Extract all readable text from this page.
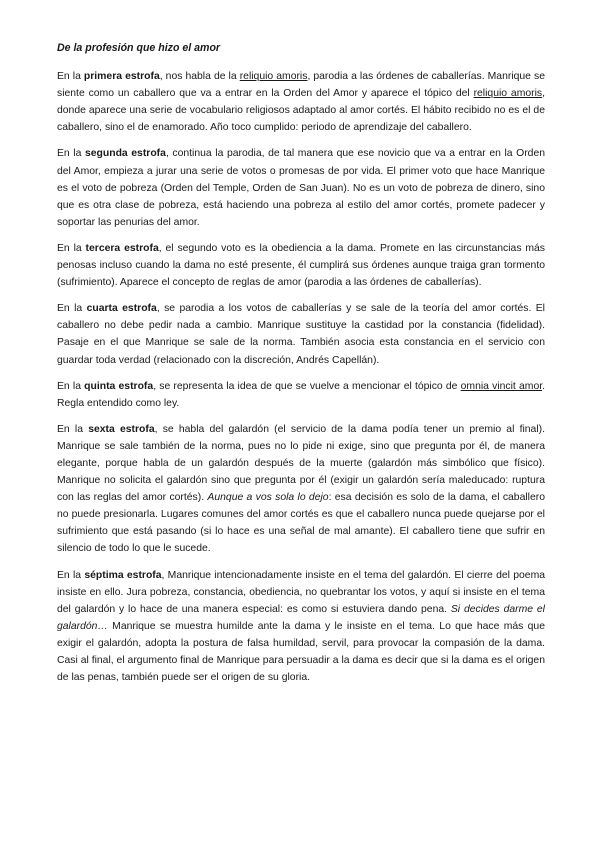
De la profesión que hizo el amor

En la primera estrofa, nos habla de la reliquio amoris, parodia a las órdenes de caballerías. Manrique se siente como un caballero que va a entrar en la Orden del Amor y aparece el tópico del reliquio amoris, donde aparece una serie de vocabulario religiosos adaptado al amor cortés. El hábito recibido no es el de caballero, sino el de enamorado. Año toco cumplido: periodo de aprendizaje del caballero.

En la segunda estrofa, continua la parodia, de tal manera que ese novicio que va a entrar en la Orden del Amor, empieza a jurar una serie de votos o promesas de por vida. El primer voto que hace Manrique es el voto de pobreza (Orden del Temple, Orden de San Juan). No es un voto de pobreza de dinero, sino que es otra clase de pobreza, está haciendo una pobreza al estilo del amor cortés, promete padecer y soportar las penurias del amor.

En la tercera estrofa, el segundo voto es la obediencia a la dama. Promete en las circunstancias más penosas incluso cuando la dama no esté presente, él cumplirá sus órdenes aunque traiga gran tormento (sufrimiento). Aparece el concepto de reglas de amor (parodia a las órdenes de caballerías).

En la cuarta estrofa, se parodia a los votos de caballerías y se sale de la teoría del amor cortés. El caballero no debe pedir nada a cambio. Manrique sustituye la castidad por la constancia (fidelidad). Pasaje en el que Manrique se sale de la norma. También asocia esta constancia en el servicio con guardar toda verdad (relacionado con la discreción, Andrés Capellán).

En la quinta estrofa, se representa la idea de que se vuelve a mencionar el tópico de omnia vincit amor. Regla entendido como ley.

En la sexta estrofa, se habla del galardón (el servicio de la dama podía tener un premio al final). Manrique se sale también de la norma, pues no lo pide ni exige, sino que pregunta por él, de manera elegante, porque habla de un galardón después de la muerte (galardón más simbólico que físico). Manrique no solicita el galardón sino que pregunta por él (exigir un galardón sería maleducado: ruptura con las reglas del amor cortés). Aunque a vos sola lo dejo: esa decisión es solo de la dama, el caballero no puede presionarla. Lugares comunes del amor cortés es que el caballero nunca puede quejarse por el sufrimiento que está pasando (si lo hace es una señal de mal amante). El caballero tiene que sufrir en silencio de todo lo que le sucede.

En la séptima estrofa, Manrique intencionadamente insiste en el tema del galardón. El cierre del poema insiste en ello. Jura pobreza, constancia, obediencia, no quebrantar los votos, y aquí si insiste en el tema del galardón y lo hace de una manera especial: es como si estuviera dando pena. Si decides darme el galardón… Manrique se muestra humilde ante la dama y le insiste en el tema. Lo que hace más que exigir el galardón, adopta la postura de falsa humildad, servil, para provocar la compasión de la dama. Casi al final, el argumento final de Manrique para persuadir a la dama es decir que si la dama es el origen de las penas, también puede ser el origen de su gloria.
